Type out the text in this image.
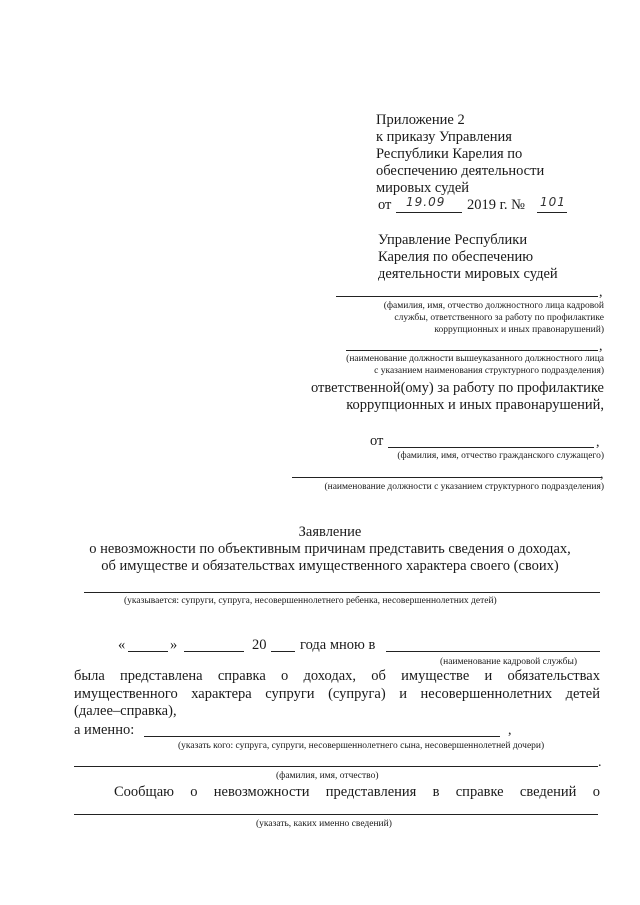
Приложение 2
к приказу Управления
Республики Карелия по
обеспечению деятельности
мировых судей
от 19.09 2019 г. № 101
Управление Республики
Карелия по обеспечению
деятельности мировых судей
,
(фамилия, имя, отчество должностного лица кадровой
службы, ответственного за работу по профилактике
коррупционных и иных правонарушений)
,
(наименование должности вышеуказанного должностного лица
с указанием наименования структурного подразделения)
ответственной(ому) за работу по профилактике
коррупционных и иных правонарушений,
от	,
(фамилия, имя, отчество гражданского служащего)
,
(наименование должности с указанием структурного подразделения)
Заявление
о невозможности по объективным причинам представить сведения о доходах,
об имуществе и обязательствах имущественного характера своего (своих)
(указывается: супруги, супруга, несовершеннолетнего ребенка, несовершеннолетних детей)
«	»	20 года мною в
(наименование кадровой службы)
была представлена справка о доходах, об имуществе и обязательствах
имущественного характера супруги (супруга) и несовершеннолетних детей
(далее–справка),
а именно:	,
(указать кого: супруга, супруги, несовершеннолетнего сына, несовершеннолетней дочери)
.
(фамилия, имя, отчество)
Сообщаю о невозможности представления в справке сведений о
(указать, каких именно сведений)
